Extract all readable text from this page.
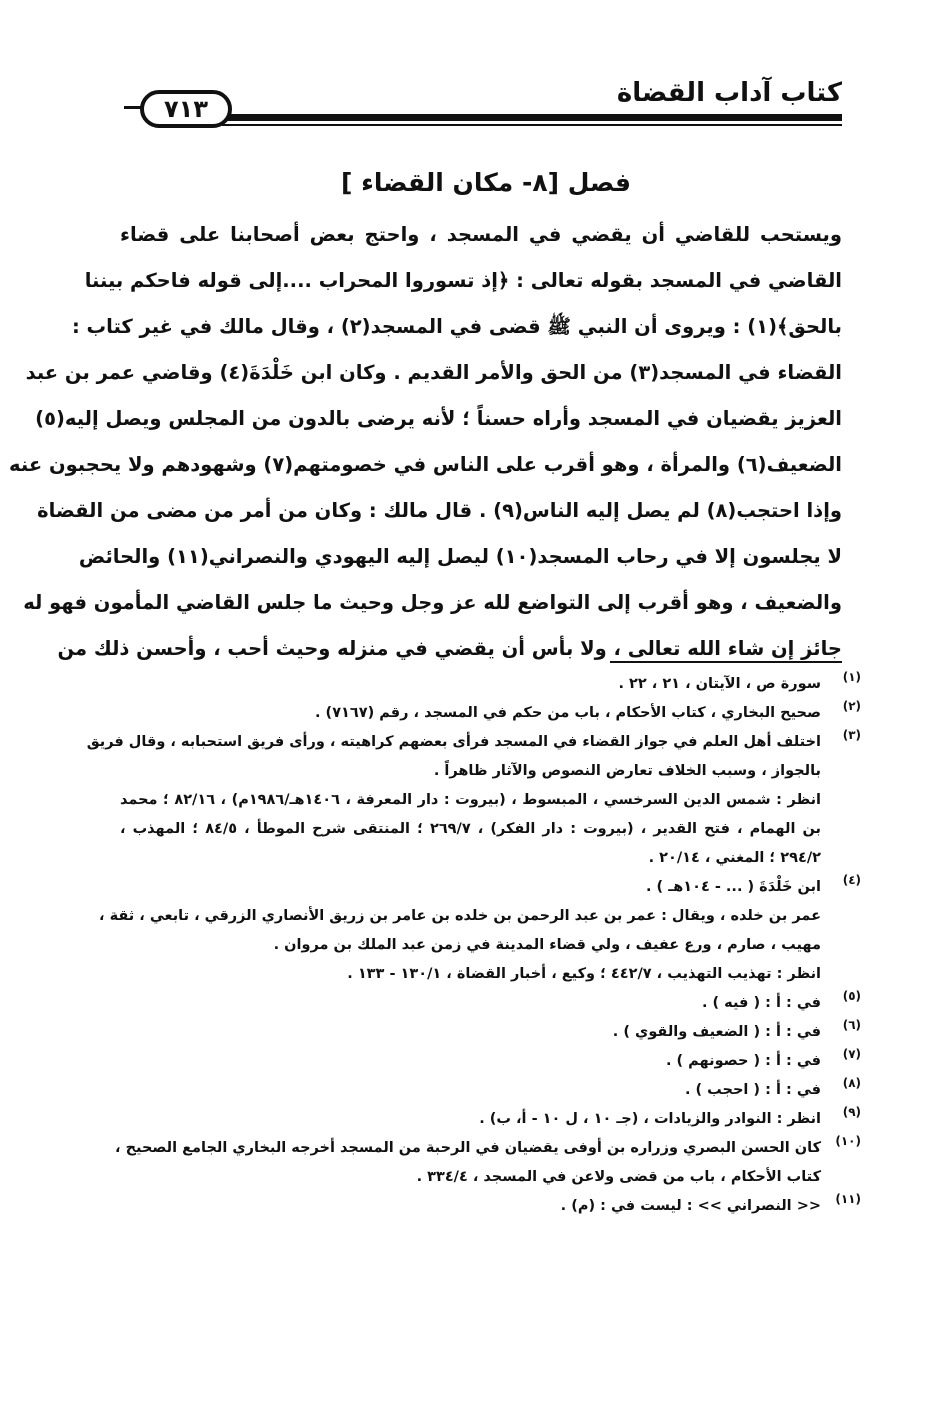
كتاب آداب القضاة
٧١٣
فصل [٨- مكان القضاء ]
ويستحب للقاضي أن يقضي في المسجد ، واحتج بعض أصحابنا على قضاء
القاضي في المسجد بقوله تعالى : ﴿إذ تسوروا المحراب ....إلى قوله فاحكم بيننا
بالحق﴾(١) : ويروى أن النبي ﷺ قضى في المسجد(٢) ، وقال مالك في غير كتاب :
القضاء في المسجد(٣) من الحق والأمر القديم . وكان ابن خَلْدَةَ(٤) وقاضي عمر بن عبد
العزيز يقضيان في المسجد وأراه حسناً ؛ لأنه يرضى بالدون من المجلس ويصل إليه(٥)
الضعيف(٦) والمرأة ، وهو أقرب على الناس في خصومتهم(٧) وشهودهم ولا يحجبون عنه
وإذا احتجب(٨) لم يصل إليه الناس(٩) . قال مالك : وكان من أمر من مضى من القضاة
لا يجلسون إلا في رحاب المسجد(١٠) ليصل إليه اليهودي والنصراني(١١) والحائض
والضعيف ، وهو أقرب إلى التواضع لله عز وجل وحيث ما جلس القاضي المأمون فهو له
جائز إن شاء الله تعالى ، ولا بأس أن يقضي في منزله وحيث أحب ، وأحسن ذلك من
(١)
سورة ص ، الآيتان ، ٢١ ، ٢٢ .
(٢)
صحيح البخاري ، كتاب الأحكام ، باب من حكم في المسجد ، رقم (٧١٦٧) .
(٣)
اختلف أهل العلم في جواز القضاء في المسجد فرأى بعضهم كراهيته ، ورأى فريق استحبابه ، وقال فريق
بالجواز ، وسبب الخلاف تعارض النصوص والآثار ظاهراً .
انظر : شمس الدين السرخسي ، المبسوط ، (بيروت : دار المعرفة ، ١٤٠٦هـ/١٩٨٦م) ، ٨٢/١٦ ؛ محمد
بن الهمام ، فتح القدير ، (بيروت : دار الفكر) ، ٢٦٩/٧ ؛ المنتقى شرح الموطأ ، ٨٤/٥ ؛ المهذب ،
٢٩٤/٢ ؛ المغني ، ٢٠/١٤ .
(٤)
ابن خَلْدَةَ ( ... - ١٠٤هـ ) .
عمر بن خلده ، ويقال : عمر بن عبد الرحمن بن خلده بن عامر بن زريق الأنصاري الزرقي ، تابعي ، ثقة ،
مهيب ، صارم ، ورع عفيف ، ولي قضاء المدينة في زمن عبد الملك بن مروان .
انظر : تهذيب التهذيب ، ٤٤٢/٧ ؛ وكيع ، أخبار القضاة ، ١٣٠/١ - ١٣٣ .
(٥)
في : أ : ( فيه ) .
(٦)
في : أ : ( الضعيف والقوي ) .
(٧)
في : أ : ( حصونهم ) .
(٨)
في : أ : ( احجب ) .
(٩)
انظر : النوادر والزيادات ، (جـ ١٠ ، ل ١٠ - أ، ب) .
(١٠)
كان الحسن البصري وزراره بن أوفى يقضيان في الرحبة من المسجد أخرجه البخاري الجامع الصحيح ،
كتاب الأحكام ، باب من قضى ولاعن في المسجد ، ٣٣٤/٤ .
(١١)
<< النصراني >> : ليست في : (م) .
